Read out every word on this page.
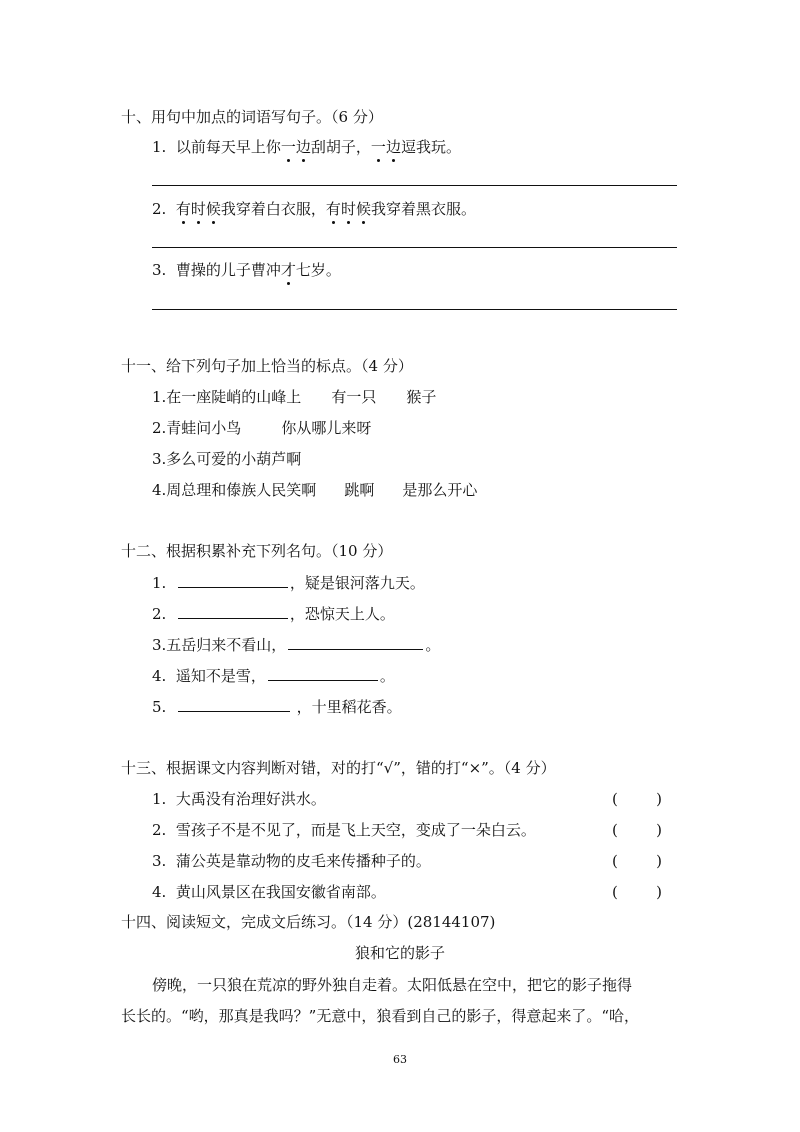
十、用句中加点的词语写句子。（6 分）
1. 以前每天早上你一边刮胡子，一边逗我玩。
2. 有时候我穿着白衣服，有时候我穿着黑衣服。
3. 曹操的儿子曹冲才七岁。
十一、给下列句子加上恰当的标点。（4 分）
1.在一座陡峭的山峰上 有一只 猴子
2.青蛙问小鸟	你从哪儿来呀
3.多么可爱的小葫芦啊
4.周总理和傣族人民笑啊 跳啊 是那么开心
十二、根据积累补充下列名句。（10 分）
1.	，疑是银河落九天。
2.	，恐惊天上人。
3.五岳归来不看山，	。
4. 遥知不是雪，	。
5.	，十里稻花香。
十三、根据课文内容判断对错，对的打“√”，错的打“×”。（4 分）
1. 大禹没有治理好洪水。	(	)
2. 雪孩子不是不见了，而是飞上天空，变成了一朵白云。	(	)
3. 蒲公英是靠动物的皮毛来传播种子的。	(	)
4. 黄山风景区在我国安徽省南部。	(	)
十四、阅读短文，完成文后练习。（14 分）(28144107)
狼和它的影子
傍晚，一只狼在荒凉的野外独自走着。太阳低悬在空中，把它的影子拖得
长长的。“哟，那真是我吗？”无意中，狼看到自己的影子，得意起来了。“哈，
63
